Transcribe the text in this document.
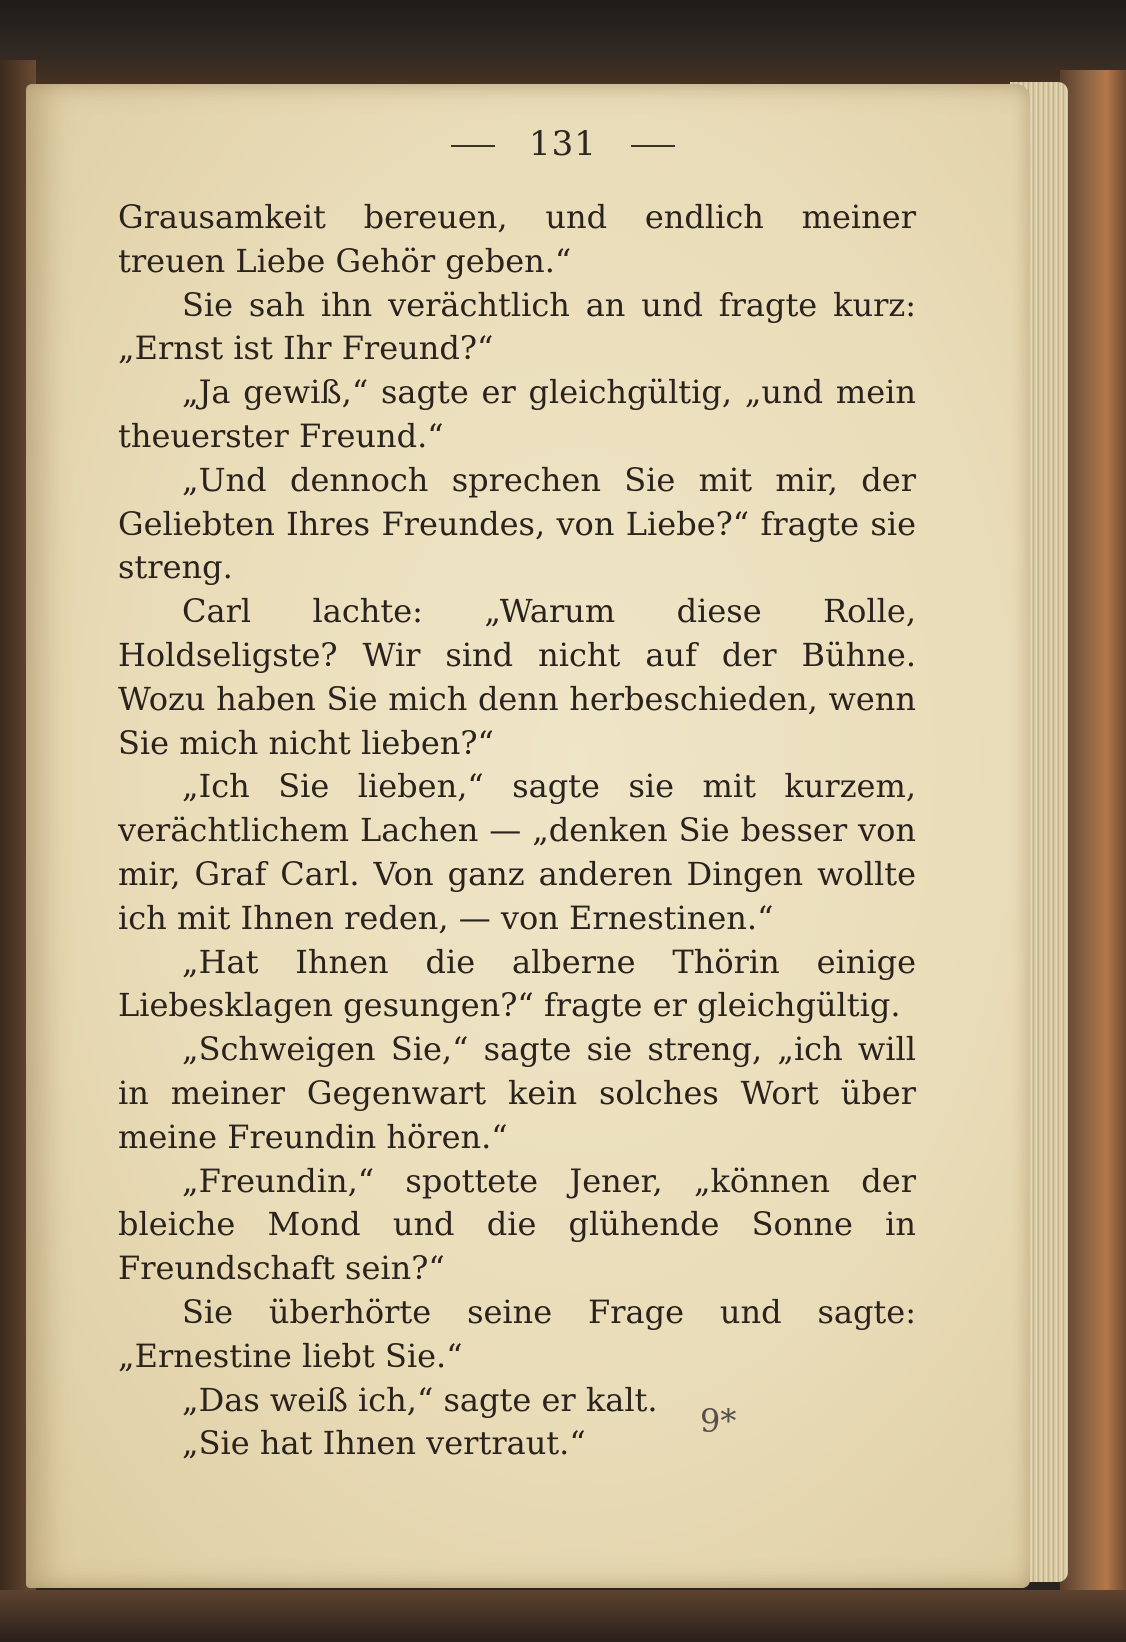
131

Grausamkeit bereuen, und endlich meiner treuen Liebe Gehör geben.“

Sie sah ihn verächtlich an und fragte kurz: „Ernst ist Ihr Freund?“

„Ja gewiß,“ sagte er gleichgültig, „und mein theuerster Freund.“

„Und dennoch sprechen Sie mit mir, der Geliebten Ihres Freundes, von Liebe?“ fragte sie streng.

Carl lachte: „Warum diese Rolle, Holdseligste? Wir sind nicht auf der Bühne. Wozu haben Sie mich denn herbeschieden, wenn Sie mich nicht lieben?“

„Ich Sie lieben,“ sagte sie mit kurzem, verächtlichem Lachen — „denken Sie besser von mir, Graf Carl. Von ganz anderen Dingen wollte ich mit Ihnen reden, — von Ernestinen.“

„Hat Ihnen die alberne Thörin einige Liebesklagen gesungen?“ fragte er gleichgültig.

„Schweigen Sie,“ sagte sie streng, „ich will in meiner Gegenwart kein solches Wort über meine Freundin hören.“

„Freundin,“ spottete Jener, „können der bleiche Mond und die glühende Sonne in Freundschaft sein?“

Sie überhörte seine Frage und sagte: „Ernestine liebt Sie.“

„Das weiß ich,“ sagte er kalt.

„Sie hat Ihnen vertraut.“

9*
